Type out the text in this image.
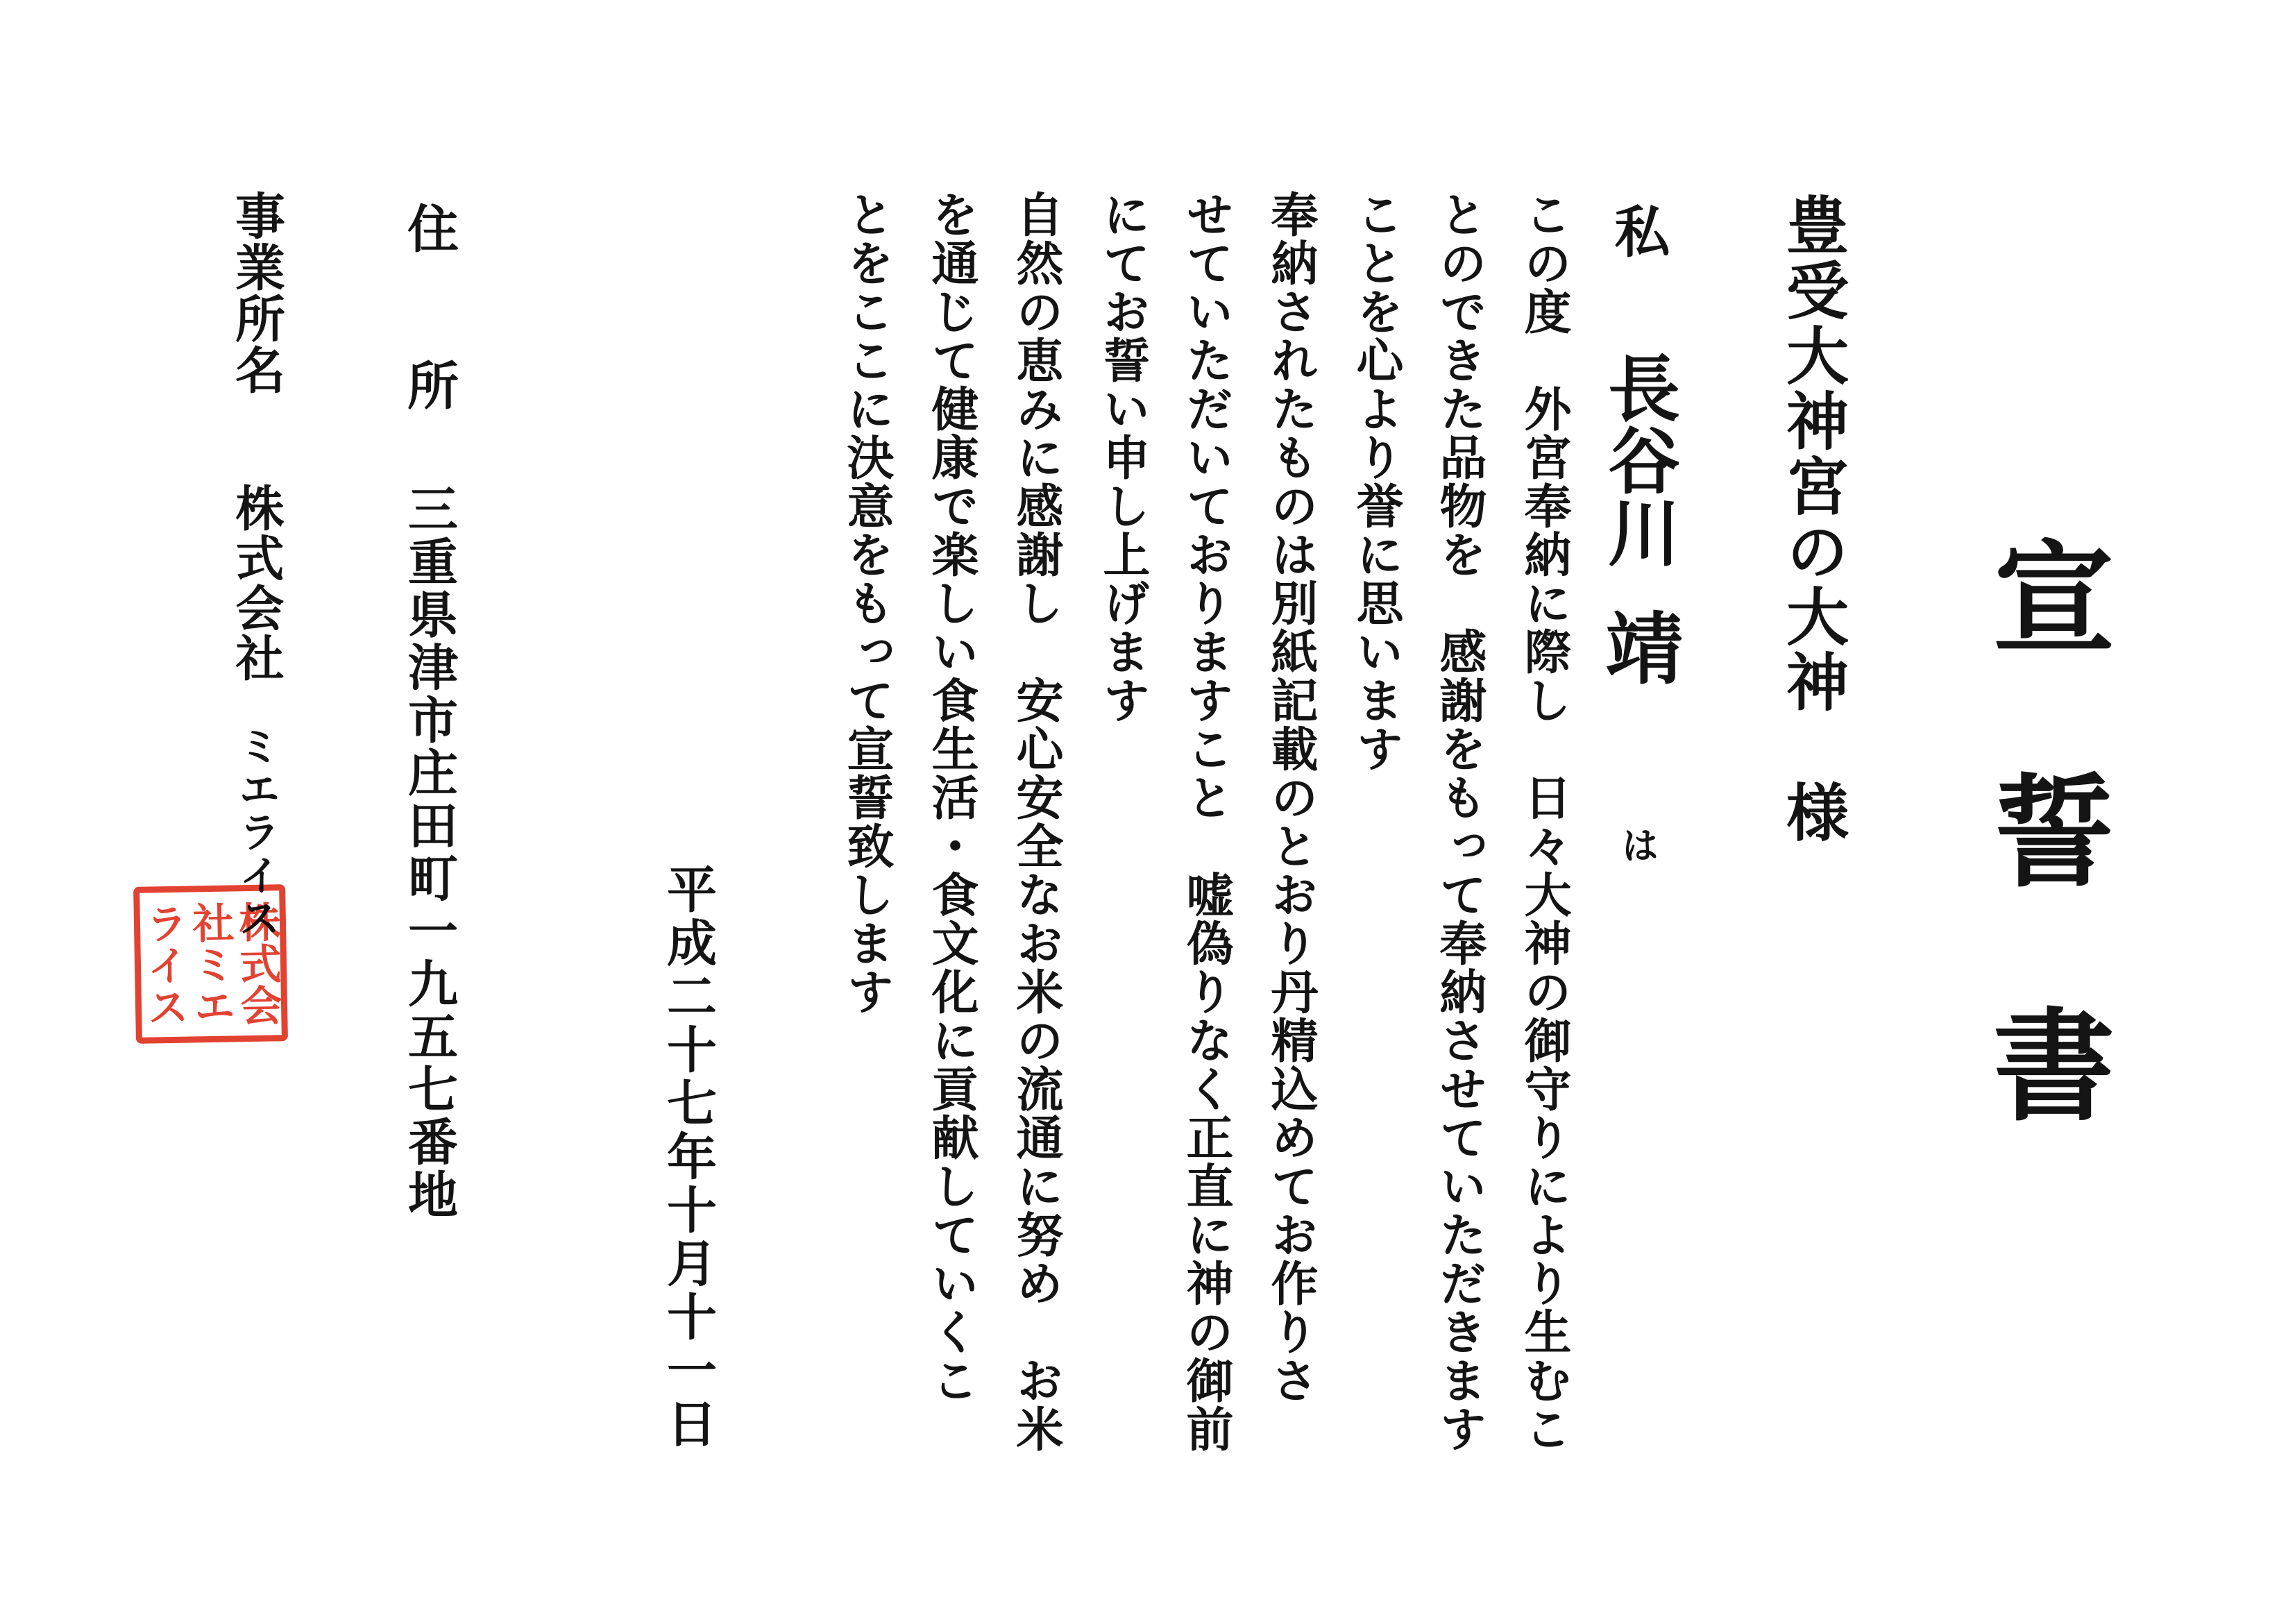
宣誓書
豊受大神宮の大神　様
私
長谷川
靖
は
この度　外宮奉納に際し　日々大神の御守りにより生むこ
とのできた品物を　感謝をもって奉納させていただきます
ことを心より誉に思います
奉納されたものは別紙記載のとおり丹精込めてお作りさ
せていただいておりますこと　嘘偽りなく正直に神の御前
にてお誓い申し上げます
自然の恵みに感謝し　安心安全なお米の流通に努め　お米
を通じて健康で楽しい食生活・食文化に貢献していくこ
とをここに決意をもって宣誓致します
平成二十七年十月十一日
住　所
三重県津市庄田町一九五七番地
事業所名
株式会社
ミエライス
株式会
社ミエ
ライス
